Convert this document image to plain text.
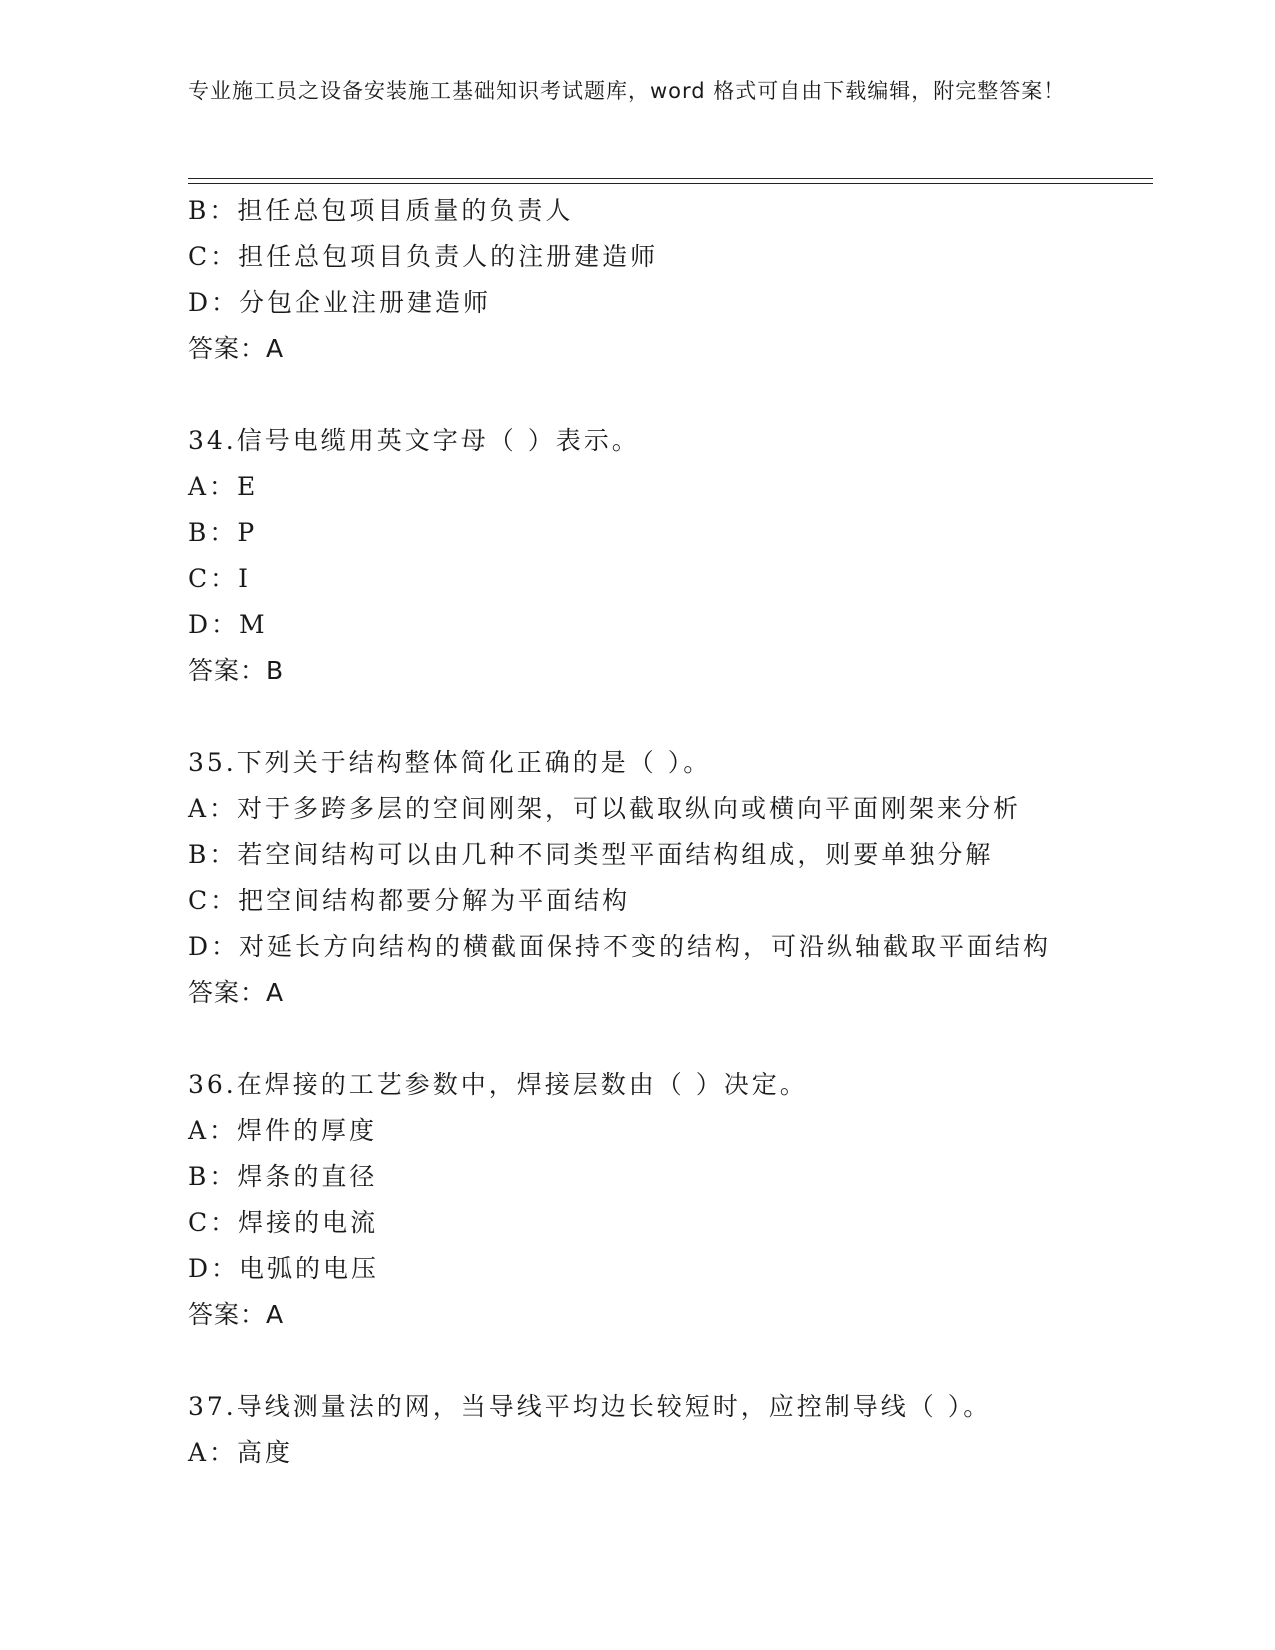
专业施工员之设备安装施工基础知识考试题库，word 格式可自由下载编辑，附完整答案！
B：担任总包项目质量的负责人
C：担任总包项目负责人的注册建造师
D：分包企业注册建造师
答案：A
34.信号电缆用英文字母（ ）表示。
A：E
B：P
C：I
D：M
答案：B
35.下列关于结构整体简化正确的是（ ）。
A：对于多跨多层的空间刚架，可以截取纵向或横向平面刚架来分析
B：若空间结构可以由几种不同类型平面结构组成，则要单独分解
C：把空间结构都要分解为平面结构
D：对延长方向结构的横截面保持不变的结构，可沿纵轴截取平面结构
答案：A
36.在焊接的工艺参数中，焊接层数由（ ）决定。
A：焊件的厚度
B：焊条的直径
C：焊接的电流
D：电弧的电压
答案：A
37.导线测量法的网，当导线平均边长较短时，应控制导线（ ）。
A：高度
